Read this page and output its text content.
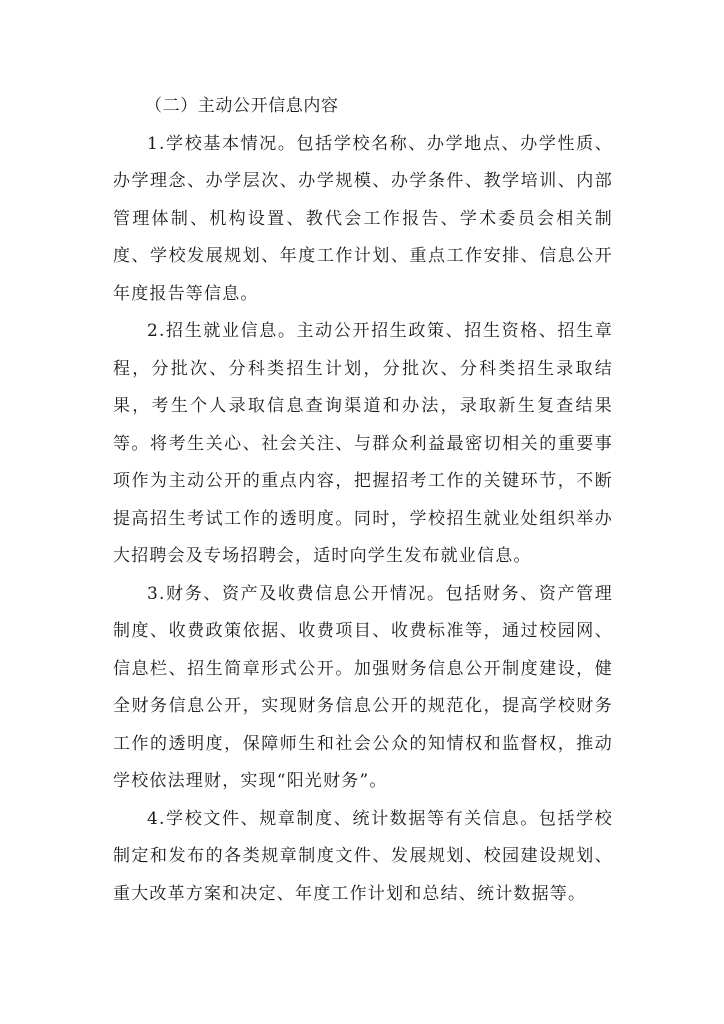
（二）主动公开信息内容

1.学校基本情况。包括学校名称、办学地点、办学性质、办学理念、办学层次、办学规模、办学条件、教学培训、内部管理体制、机构设置、教代会工作报告、学术委员会相关制度、学校发展规划、年度工作计划、重点工作安排、信息公开年度报告等信息。

2.招生就业信息。主动公开招生政策、招生资格、招生章程，分批次、分科类招生计划，分批次、分科类招生录取结果，考生个人录取信息查询渠道和办法，录取新生复查结果等。将考生关心、社会关注、与群众利益最密切相关的重要事项作为主动公开的重点内容，把握招考工作的关键环节，不断提高招生考试工作的透明度。同时，学校招生就业处组织举办大招聘会及专场招聘会，适时向学生发布就业信息。

3.财务、资产及收费信息公开情况。包括财务、资产管理制度、收费政策依据、收费项目、收费标准等，通过校园网、信息栏、招生简章形式公开。加强财务信息公开制度建设，健全财务信息公开，实现财务信息公开的规范化，提高学校财务工作的透明度，保障师生和社会公众的知情权和监督权，推动学校依法理财，实现“阳光财务”。

4.学校文件、规章制度、统计数据等有关信息。包括学校制定和发布的各类规章制度文件、发展规划、校园建设规划、重大改革方案和决定、年度工作计划和总结、统计数据等。
